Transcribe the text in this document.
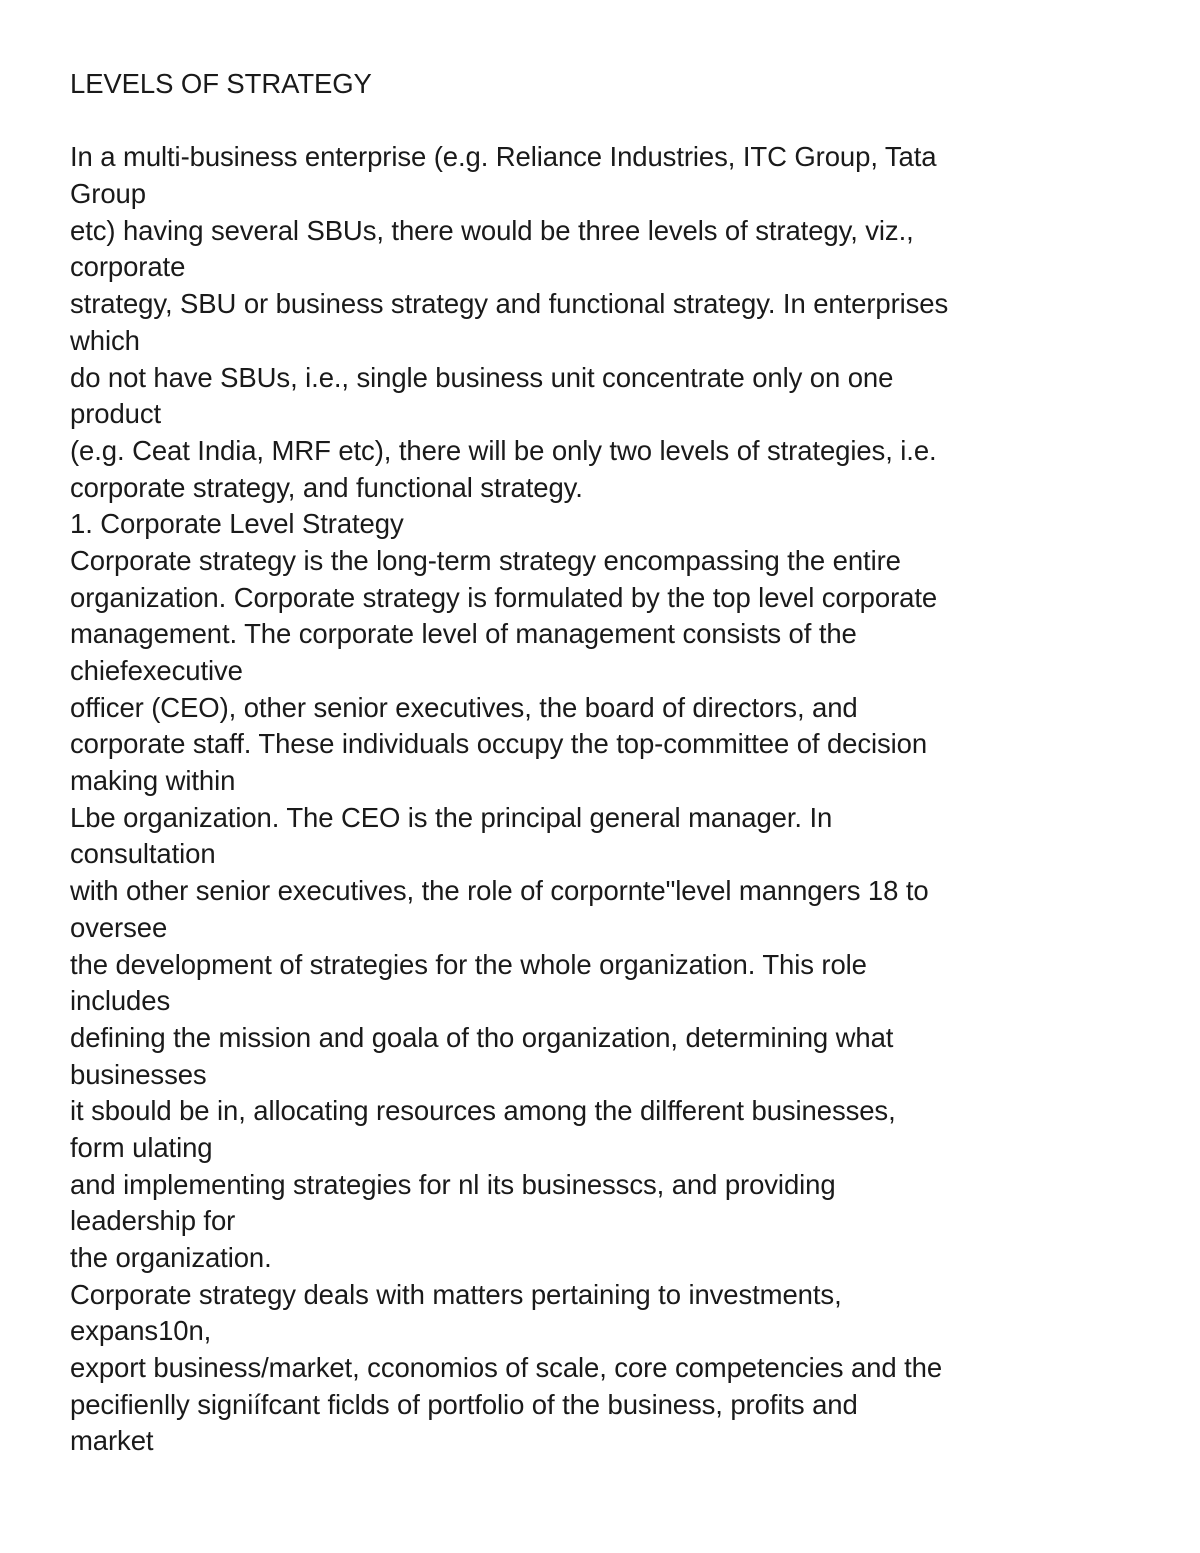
LEVELS OF STRATEGY
In a multi-business enterprise (e.g. Reliance Industries, ITC Group, Tata
Group
etc) having several SBUs, there would be three levels of strategy, viz.,
corporate
strategy, SBU or business strategy and functional strategy. In enterprises
which
do not have SBUs, i.e., single business unit concentrate only on one
product
(e.g. Ceat India, MRF etc), there will be only two levels of strategies, i.e.
corporate strategy, and functional strategy.
1. Corporate Level Strategy
Corporate strategy is the long-term strategy encompassing the entire
organization. Corporate strategy is formulated by the top level corporate
management. The corporate level of management consists of the
chiefexecutive
officer (CEO), other senior executives, the board of directors, and
corporate staff. These individuals occupy the top-committee of decision
making within
Lbe organization. The CEO is the principal general manager. In
consultation
with other senior executives, the role of corpornte"level manngers 18 to
oversee
the development of strategies for the whole organization. This role
includes
defining the mission and goala of tho organization, determining what
businesses
it sbould be in, allocating resources among the dilfferent businesses,
form ulating
and implementing strategies for nl its businesscs, and providing
leadership for
the organization.
Corporate strategy deals with matters pertaining to investments,
expans10n,
export business/market, cconomios of scale, core competencies and the
pecifienlly signiífcant ficlds of portfolio of the business, profits and
market
